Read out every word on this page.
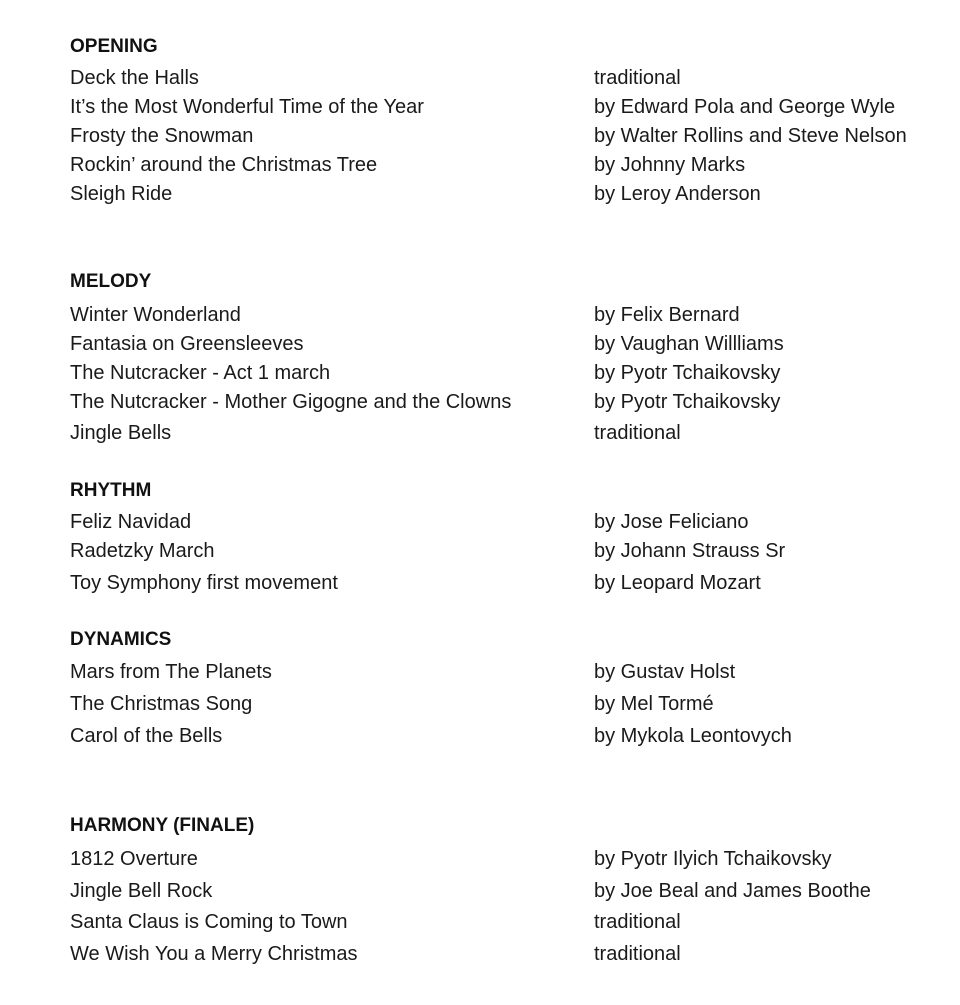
OPENING
Deck the Halls	traditional
It’s the Most Wonderful Time of the Year	by Edward Pola and George Wyle
Frosty the Snowman	by Walter Rollins and Steve Nelson
Rockin’ around the Christmas Tree	by Johnny Marks
Sleigh Ride	by Leroy Anderson
MELODY
Winter Wonderland	by Felix Bernard
Fantasia on Greensleeves	by Vaughan Willliams
The Nutcracker - Act 1 march	by Pyotr Tchaikovsky
The Nutcracker - Mother Gigogne and the Clowns	by Pyotr Tchaikovsky
Jingle Bells	traditional
RHYTHM
Feliz Navidad	by Jose Feliciano
Radetzky March	by Johann Strauss Sr
Toy Symphony first movement	by Leopard Mozart
DYNAMICS
Mars from The Planets	by Gustav Holst
The Christmas Song	by Mel Tormé
Carol of the Bells	by Mykola Leontovych
HARMONY (FINALE)
1812 Overture	by Pyotr Ilyich Tchaikovsky
Jingle Bell Rock	by Joe Beal and James Boothe
Santa Claus is Coming to Town	traditional
We Wish You a Merry Christmas	traditional
